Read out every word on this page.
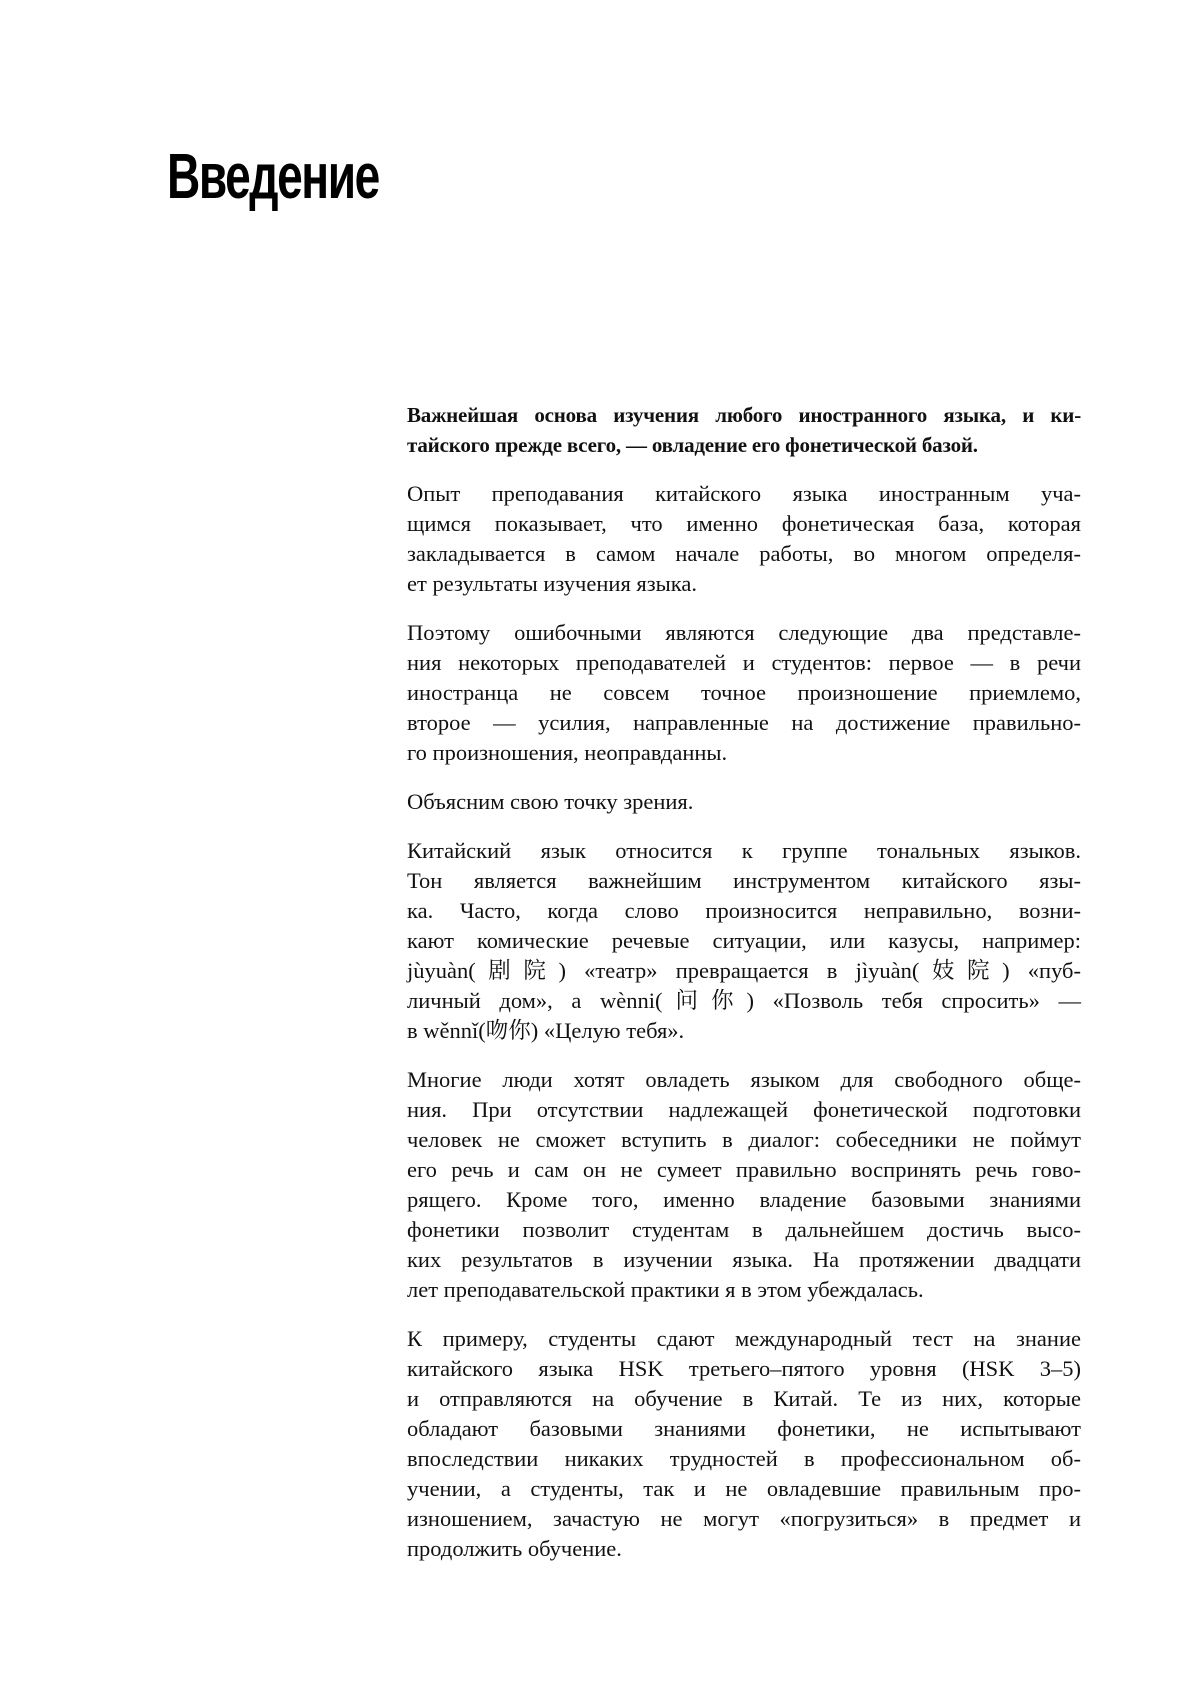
Введение
Важнейшая основа изучения любого иностранного языка, и ки-
тайского прежде всего, — овладение его фонетической базой.
Опыт преподавания китайского языка иностранным уча-
щимся показывает, что именно фонетическая база, которая
закладывается в самом начале работы, во многом определя-
ет результаты изучения языка.
Поэтому ошибочными являются следующие два представле-
ния некоторых преподавателей и студентов: первое — в речи
иностранца не совсем точное произношение приемлемо,
второе — усилия, направленные на достижение правильно-
го произношения, неоправданны.
Объясним свою точку зрения.
Китайский язык относится к группе тональных языков.
Тон является важнейшим инструментом китайского язы-
ка. Часто, когда слово произносится неправильно, возни-
кают комические речевые ситуации, или казусы, например:
jùyuàn(剧院) «театр» превращается в jìyuàn(妓院) «пуб-
личный дом», а wènni(问你) «Позволь тебя спросить» —
в wěnnǐ(吻你) «Целую тебя».
Многие люди хотят овладеть языком для свободного обще-
ния. При отсутствии надлежащей фонетической подготовки
человек не сможет вступить в диалог: собеседники не поймут
его речь и сам он не сумеет правильно воспринять речь гово-
рящего. Кроме того, именно владение базовыми знаниями
фонетики позволит студентам в дальнейшем достичь высо-
ких результатов в изучении языка. На протяжении двадцати
лет преподавательской практики я в этом убеждалась.
К примеру, студенты сдают международный тест на знание
китайского языка HSK третьего–пятого уровня (HSK 3–5)
и отправляются на обучение в Китай. Те из них, которые
обладают базовыми знаниями фонетики, не испытывают
впоследствии никаких трудностей в профессиональном об-
учении, а студенты, так и не овладевшие правильным про-
изношением, зачастую не могут «погрузиться» в предмет и
продолжить обучение.
